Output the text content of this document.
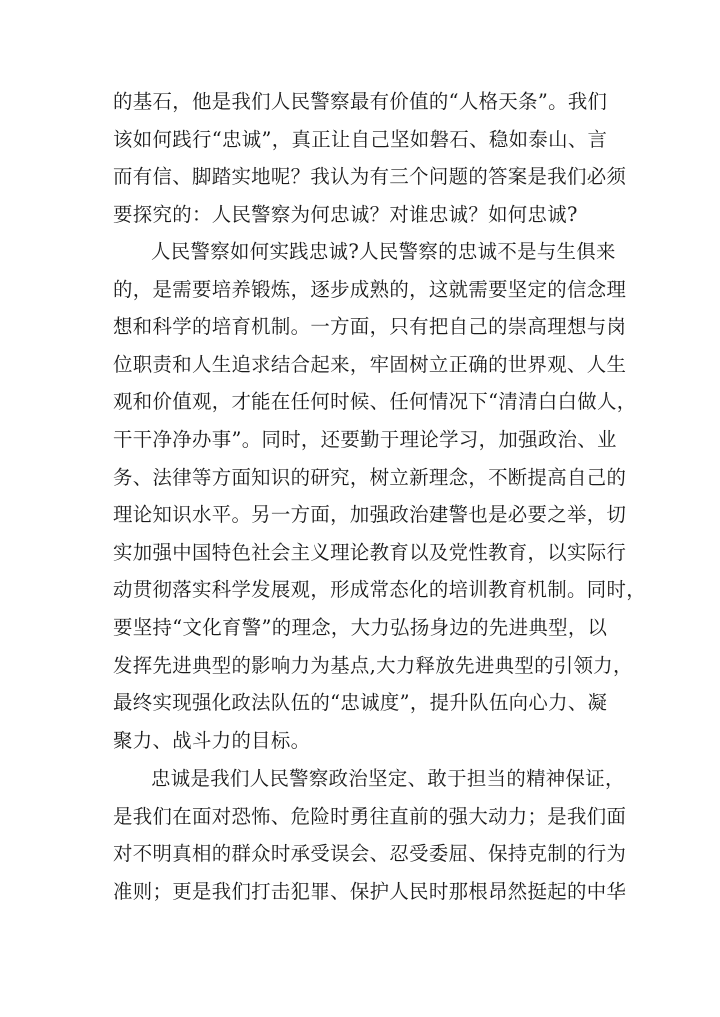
的基石，他是我们人民警察最有价值的“人格天条”。我们
该如何践行“忠诚”，真正让自己坚如磐石、稳如泰山、言
而有信、脚踏实地呢？我认为有三个问题的答案是我们必须
要探究的：人民警察为何忠诚？对谁忠诚？如何忠诚?
人民警察如何实践忠诚?人民警察的忠诚不是与生俱来
的，是需要培养锻炼，逐步成熟的，这就需要坚定的信念理
想和科学的培育机制。一方面，只有把自己的崇高理想与岗
位职责和人生追求结合起来，牢固树立正确的世界观、人生
观和价值观，才能在任何时候、任何情况下“清清白白做人，
干干净净办事”。同时，还要勤于理论学习，加强政治、业
务、法律等方面知识的研究，树立新理念，不断提高自己的
理论知识水平。另一方面，加强政治建警也是必要之举，切
实加强中国特色社会主义理论教育以及党性教育，以实际行
动贯彻落实科学发展观，形成常态化的培训教育机制。同时，
要坚持“文化育警”的理念，大力弘扬身边的先进典型，以
发挥先进典型的影响力为基点,大力释放先进典型的引领力，
最终实现强化政法队伍的“忠诚度”，提升队伍向心力、凝
聚力、战斗力的目标。
忠诚是我们人民警察政治坚定、敢于担当的精神保证，
是我们在面对恐怖、危险时勇往直前的强大动力；是我们面
对不明真相的群众时承受误会、忍受委屈、保持克制的行为
准则；更是我们打击犯罪、保护人民时那根昂然挺起的中华
